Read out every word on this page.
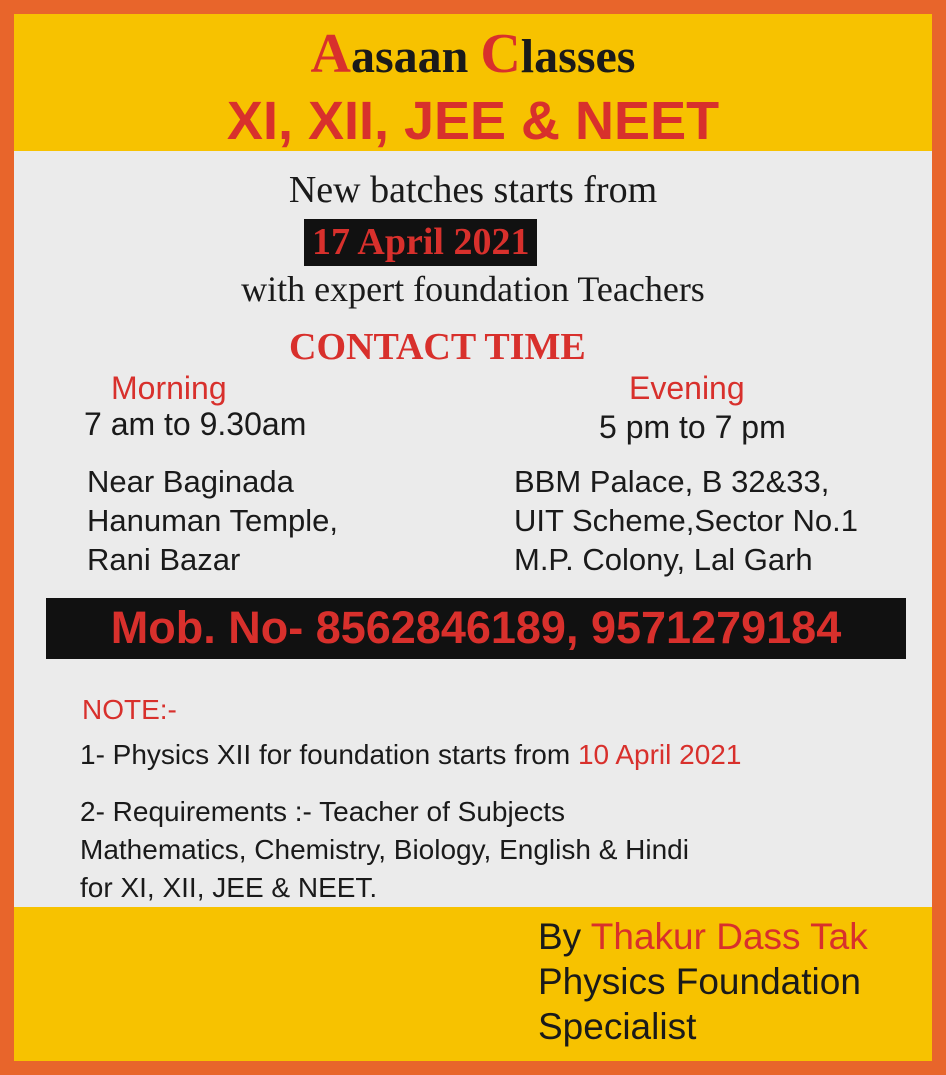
Aasaan Classes
XI, XII, JEE & NEET
New batches starts from
17 April 2021
with expert foundation Teachers
CONTACT TIME
Morning
7 am to 9.30am
Evening
5 pm to 7 pm
Near Baginada
Hanuman Temple,
Rani Bazar
BBM Palace, B 32&33,
UIT Scheme,Sector No.1
M.P. Colony, Lal Garh
Mob. No- 8562846189, 9571279184
NOTE:-
1- Physics XII for foundation starts from 10 April 2021
2- Requirements :- Teacher of Subjects
Mathematics, Chemistry, Biology, English & Hindi
for XI, XII, JEE & NEET.
By Thakur Dass Tak
Physics Foundation
Specialist
